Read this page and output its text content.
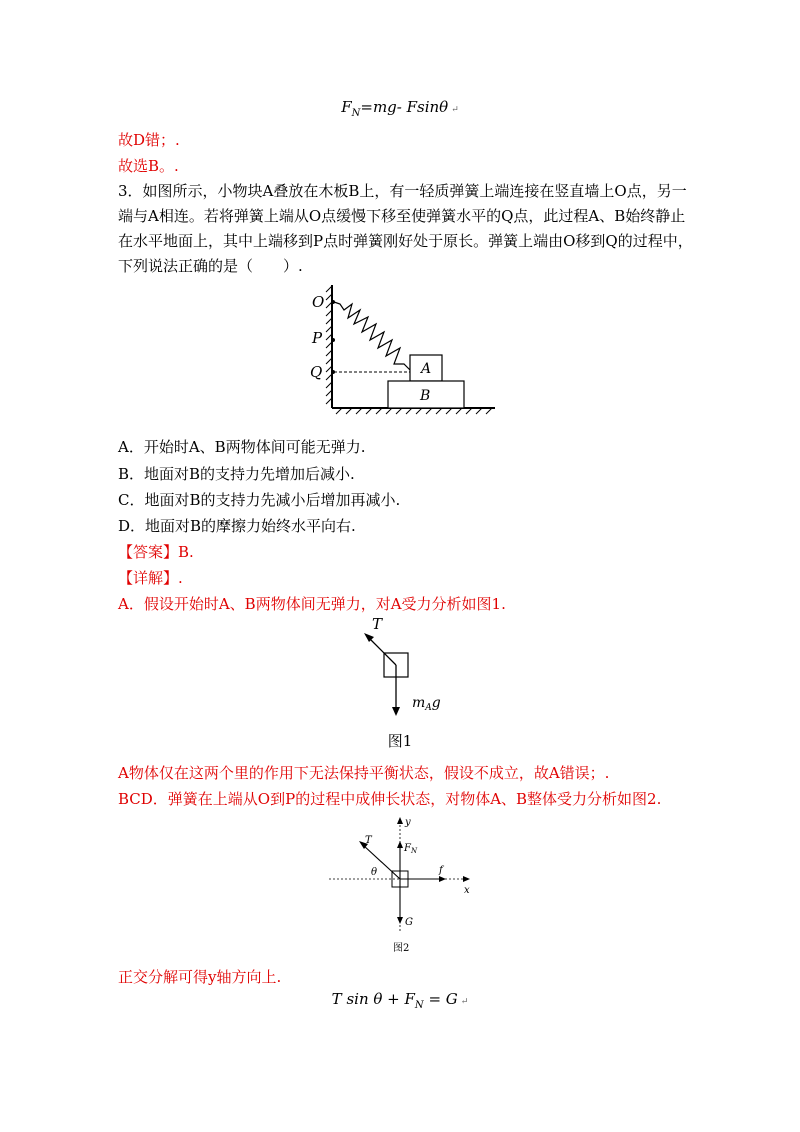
$F_N=mg-$ Fsinθ ↵
故D错；.
故选B。.
3．如图所示，小物块A叠放在木板B上，有一轻质弹簧上端连接在竖直墙上O点，另一
端与A相连。若将弹簧上端从O点缓慢下移至使弹簧水平的Q点，此过程A、B始终静止
在水平地面上，其中上端移到P点时弹簧刚好处于原长。弹簧上端由O移到Q的过程中，
下列说法正确的是（　　）.
O
P
Q	A
B
A．开始时A、B两物体间可能无弹力.
B．地面对B的支持力先增加后减小.
C．地面对B的支持力先减小后增加再减小.
D．地面对B的摩擦力始终水平向右.
【答案】B.
【详解】.
A．假设开始时A、B两物体间无弹力，对A受力分析如图1.
T
$m_Ag$
图1
A物体仅在这两个里的作用下无法保持平衡状态，假设不成立，故A错误；.
BCD．弹簧在上端从O到P的过程中成伸长状态，对物体A、B整体受力分析如图2.
y
x
T
$F_N$
f
θ
G
图2
正交分解可得y轴方向上.
T $\sin \theta + F_N = G$ ↵
